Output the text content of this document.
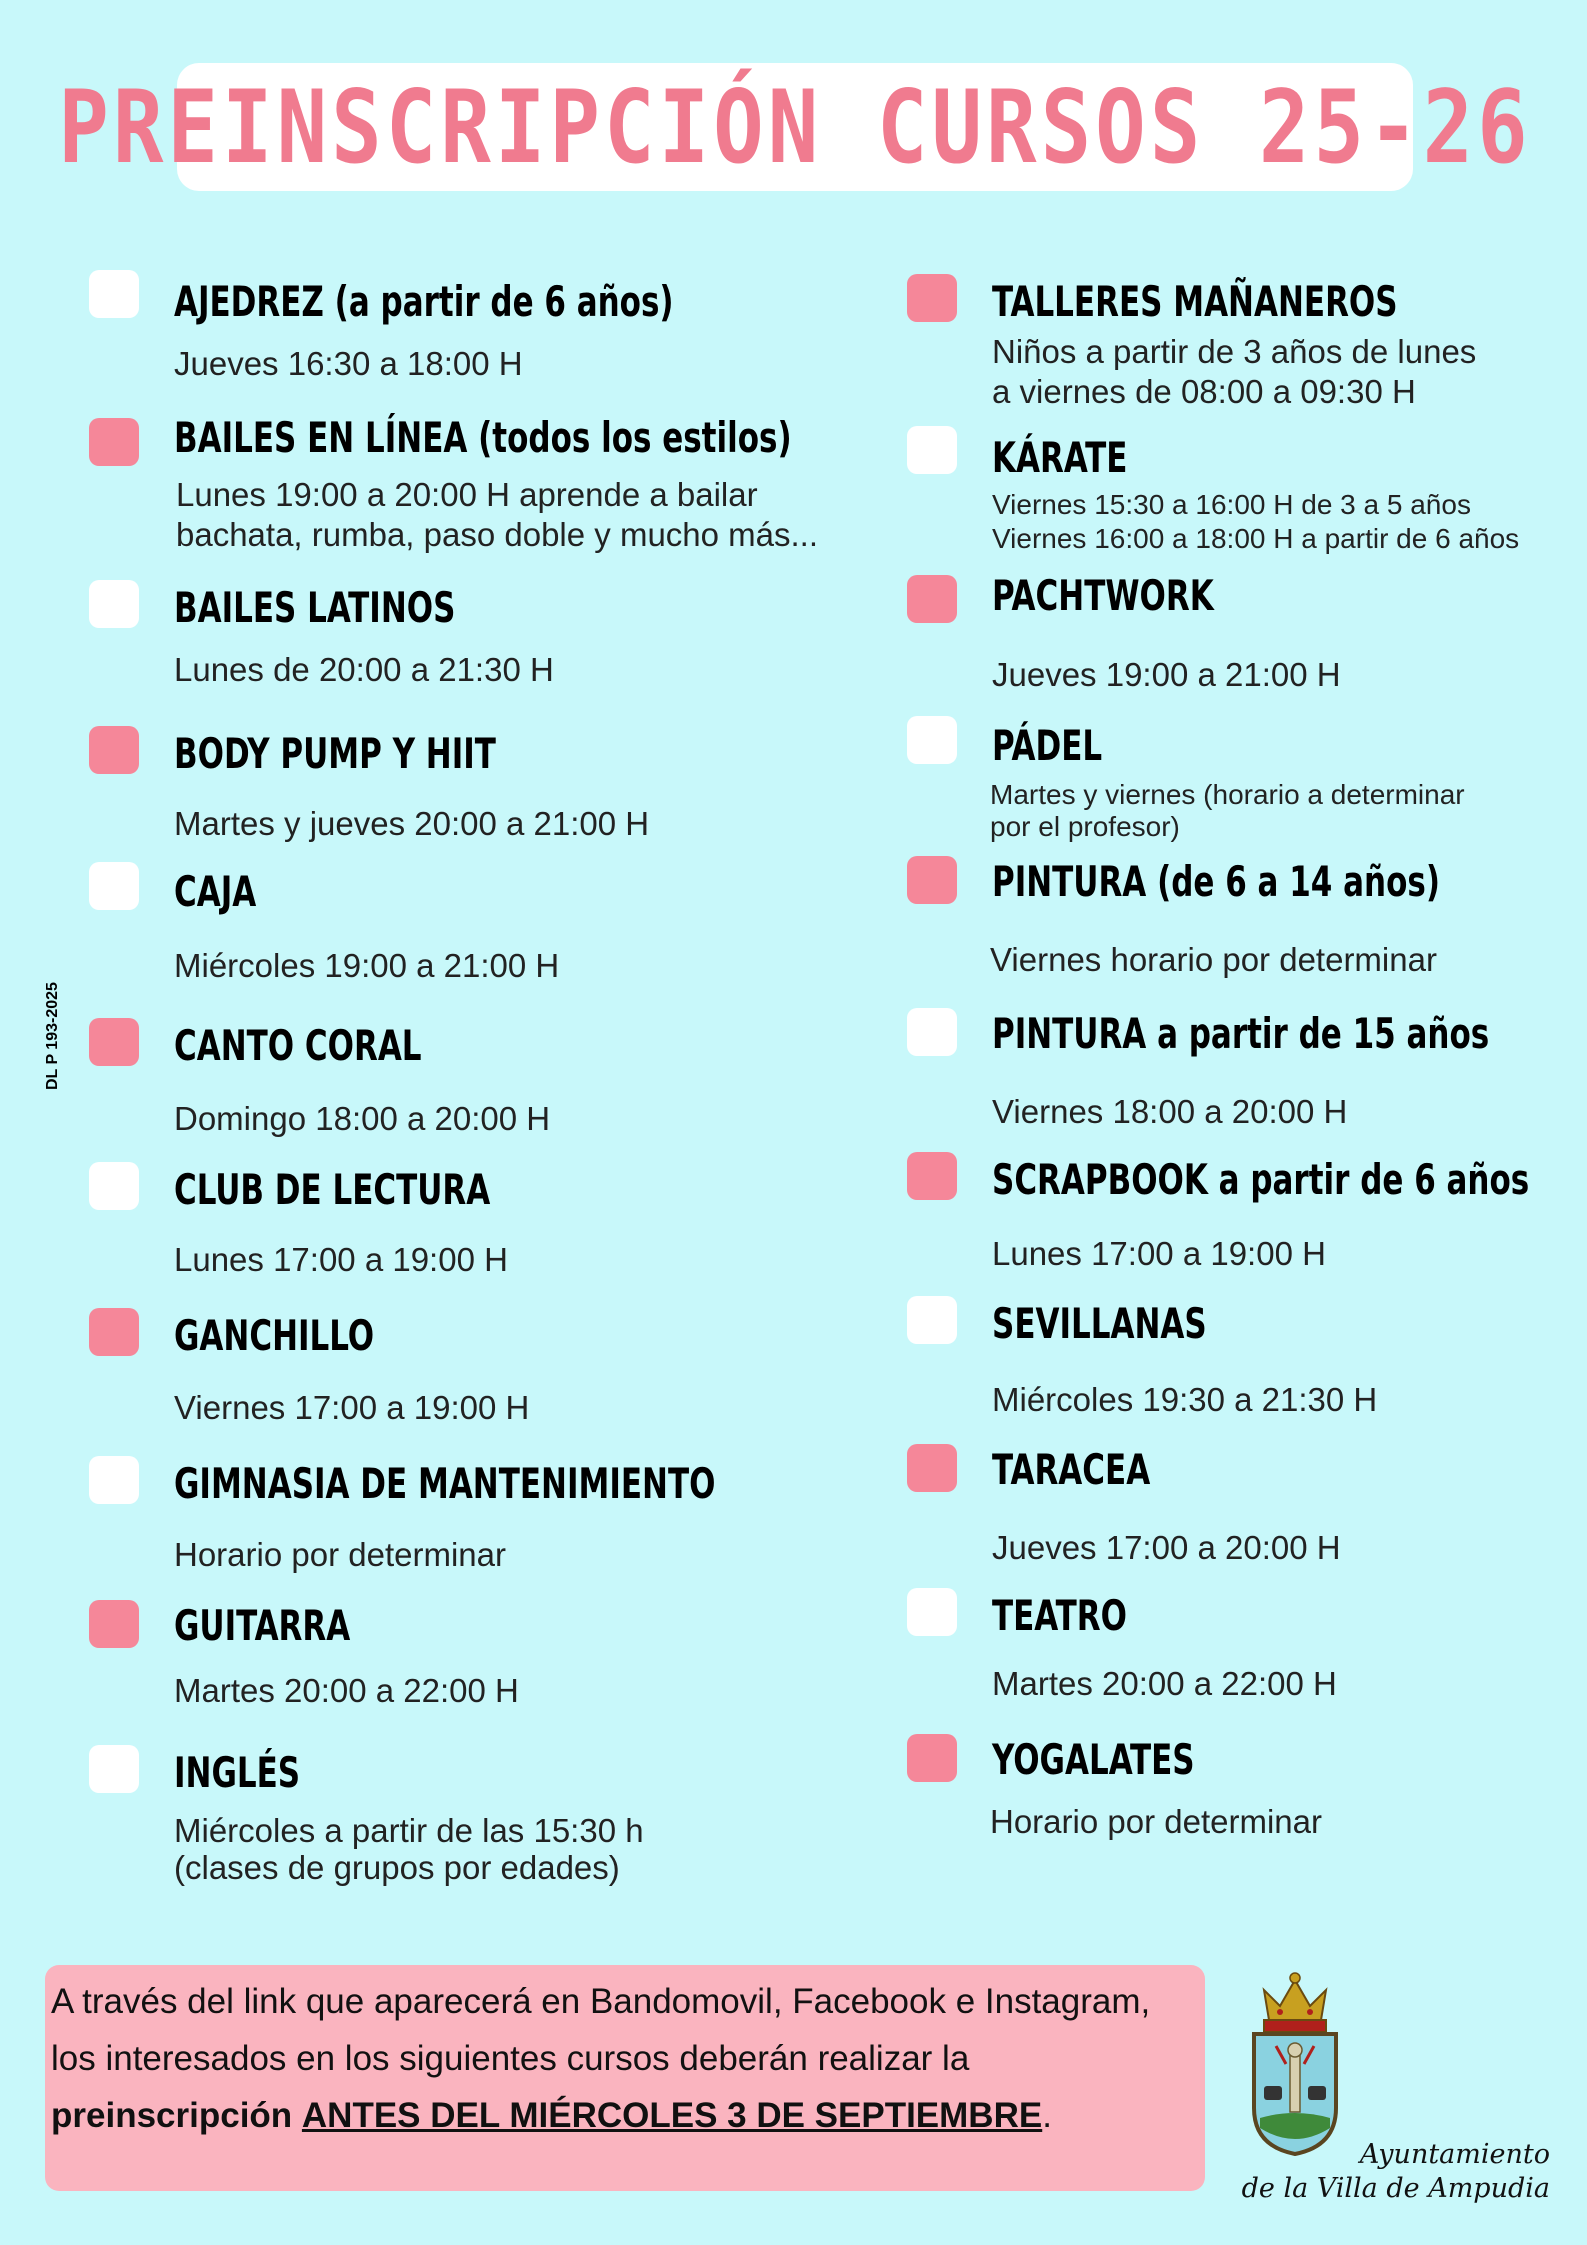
PREINSCRIPCIÓN CURSOS 25-26
DL P 193-2025
AJEDREZ (a partir de 6 años)
Jueves 16:30 a 18:00 H
BAILES EN LÍNEA (todos los estilos)
Lunes 19:00 a 20:00 H aprende a bailar
bachata, rumba, paso doble y mucho más...
BAILES LATINOS
Lunes de 20:00 a 21:30 H
BODY PUMP Y HIIT
Martes y jueves 20:00 a 21:00 H
CAJA
Miércoles 19:00 a 21:00 H
CANTO CORAL
Domingo 18:00 a 20:00 H
CLUB DE LECTURA
Lunes 17:00 a 19:00 H
GANCHILLO
Viernes 17:00 a 19:00 H
GIMNASIA DE MANTENIMIENTO
Horario por determinar
GUITARRA
Martes 20:00 a 22:00 H
INGLÉS
Miércoles a partir de las 15:30 h
(clases de grupos por edades)
TALLERES MAÑANEROS
Niños a partir de 3 años de lunes
a viernes de 08:00 a 09:30 H
KÁRATE
Viernes 15:30 a 16:00 H de 3 a 5 años
Viernes 16:00 a 18:00 H a partir de 6 años
PACHTWORK
Jueves 19:00 a 21:00 H
PÁDEL
Martes y viernes (horario a determinar
por el profesor)
PINTURA (de 6 a 14 años)
Viernes horario por determinar
PINTURA a partir de 15 años
Viernes 18:00 a 20:00 H
SCRAPBOOK a partir de 6 años
Lunes 17:00 a 19:00 H
SEVILLANAS
Miércoles 19:30 a 21:30 H
TARACEA
Jueves 17:00 a 20:00 H
TEATRO
Martes 20:00 a 22:00 H
YOGALATES
Horario por determinar
A través del link que aparecerá en Bandomovil, Facebook e Instagram, los interesados en los siguientes cursos deberán realizar la preinscripción ANTES DEL MIÉRCOLES 3 DE SEPTIEMBRE.
Ayuntamiento
de la Villa de Ampudia
